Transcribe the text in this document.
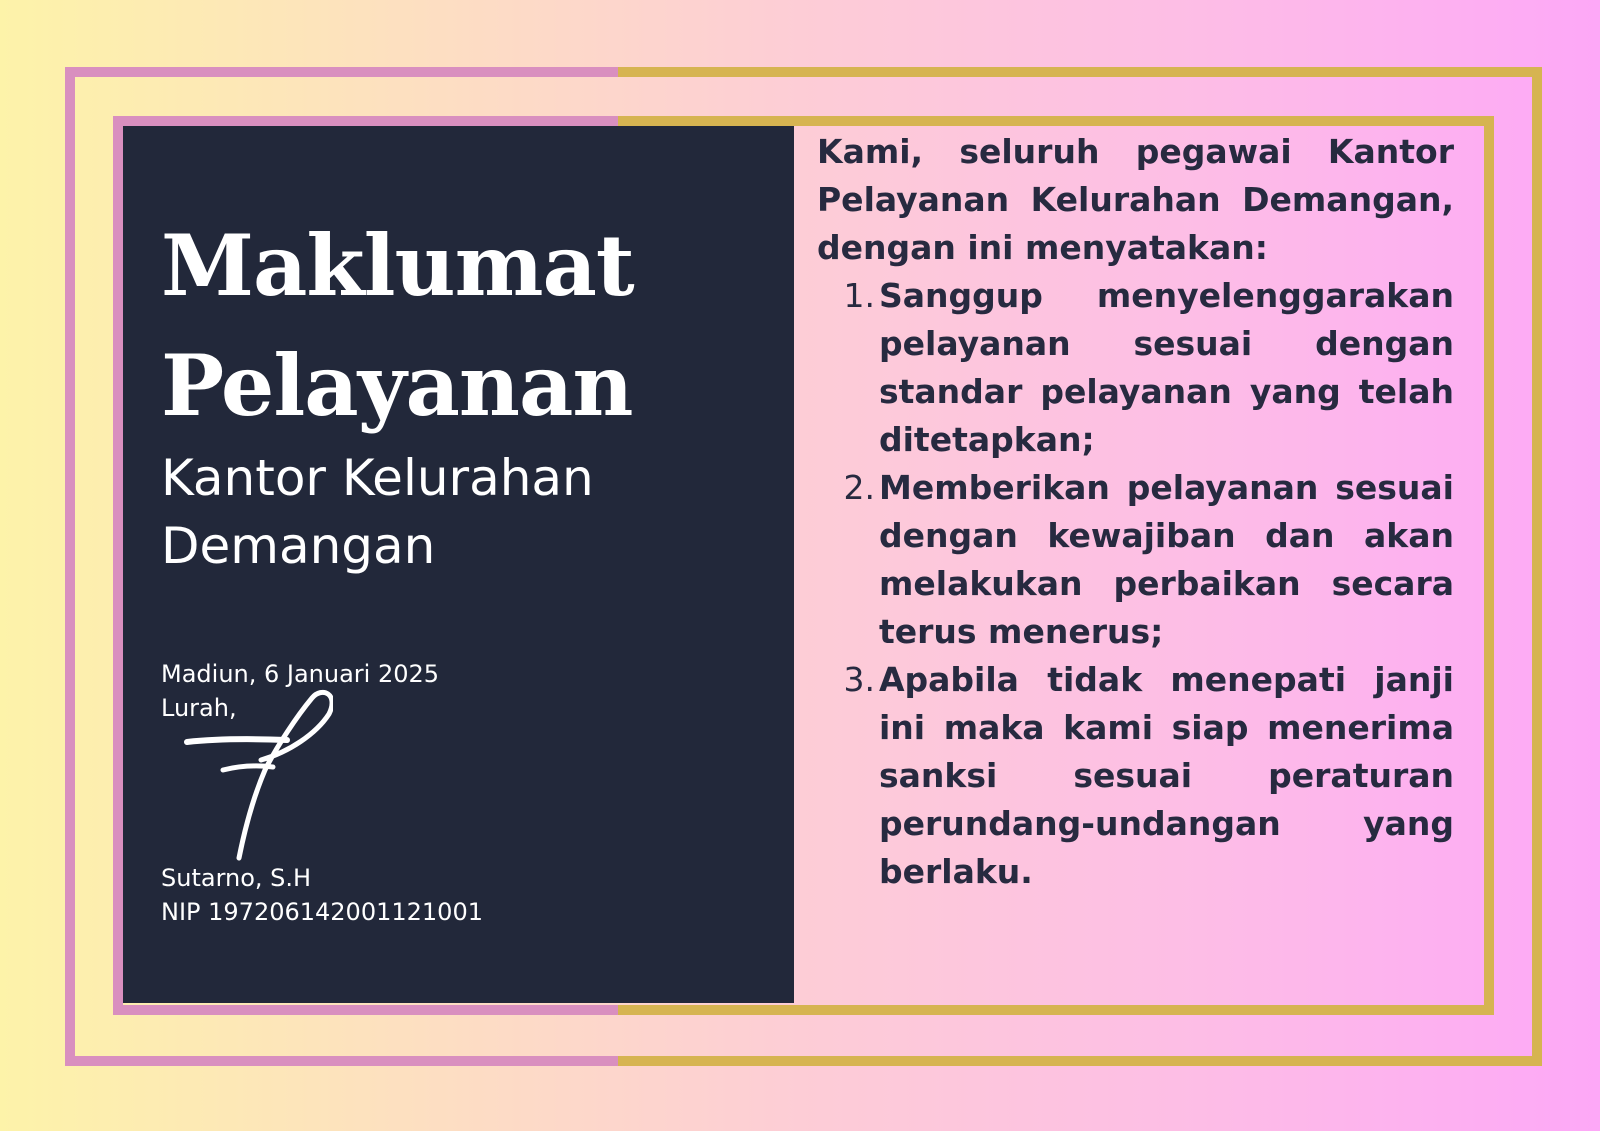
Maklumat
Pelayanan
Kantor Kelurahan
Demangan
Madiun, 6 Januari 2025
Lurah,
Sutarno, S.H
NIP 197206142001121001

Kami, seluruh pegawai Kantor Pelayanan Kelurahan Demangan, dengan ini menyatakan:

1. Sanggup menyelenggarakan pelayanan sesuai dengan standar pelayanan yang telah ditetapkan;
2. Memberikan pelayanan sesuai dengan kewajiban dan akan melakukan perbaikan secara terus menerus;
3. Apabila tidak menepati janji ini maka kami siap menerima sanksi sesuai peraturan perundang-undangan yang berlaku.
